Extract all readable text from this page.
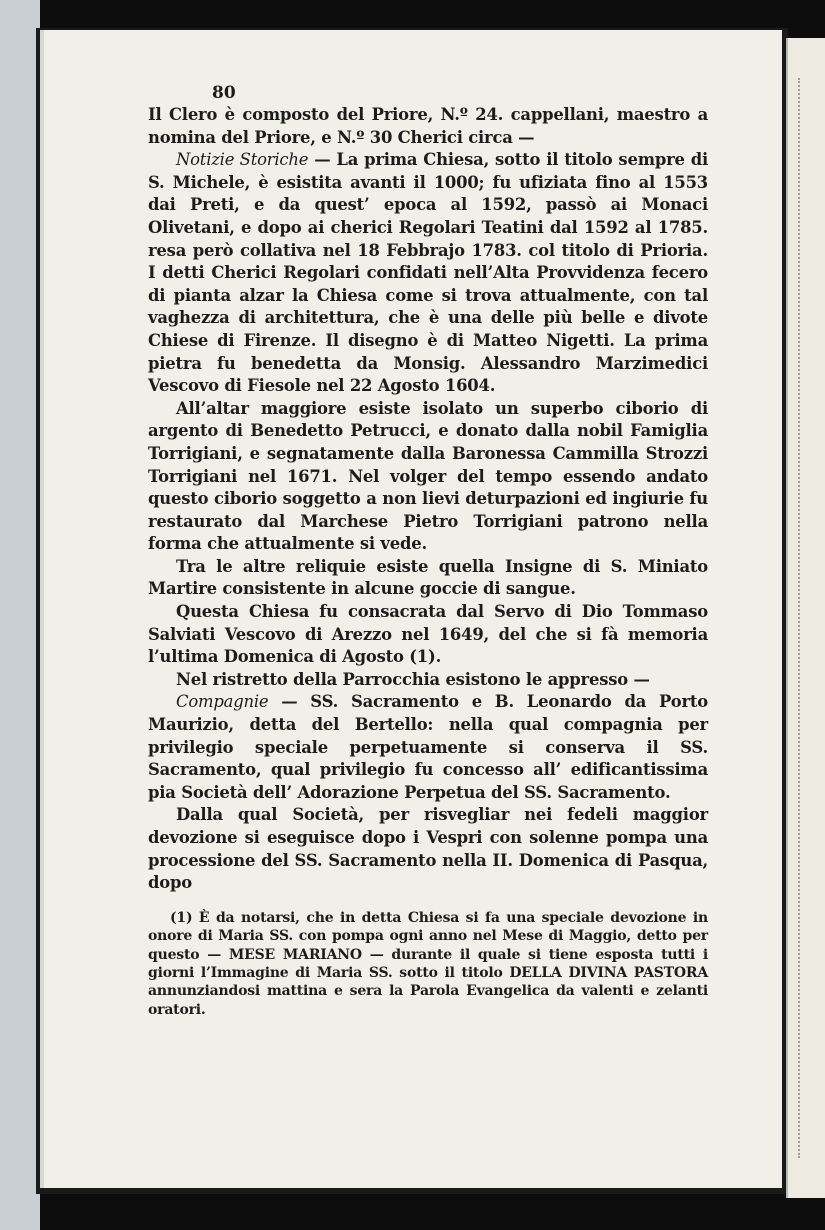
80

Il Clero è composto del Priore, N.º 24. cappellani, maestro a nomina del Priore, e N.º 30 Cherici circa —

Notizie Storiche — La prima Chiesa, sotto il titolo sempre di S. Michele, è esistita avanti il 1000; fu ufiziata fino al 1553 dai Preti, e da quest’ epoca al 1592, passò ai Monaci Olivetani, e dopo ai cherici Regolari Teatini dal 1592 al 1785. resa però collativa nel 18 Febbrajo 1783. col titolo di Prioria. I detti Cherici Regolari confidati nell’Alta Provvidenza fecero di pianta alzar la Chiesa come si trova attualmente, con tal vaghezza di architettura, che è una delle più belle e divote Chiese di Firenze. Il disegno è di Matteo Nigetti. La prima pietra fu benedetta da Monsig. Alessandro Marzimedici Vescovo di Fiesole nel 22 Agosto 1604.

All’altar maggiore esiste isolato un superbo ciborio di argento di Benedetto Petrucci, e donato dalla nobil Famiglia Torrigiani, e segnatamente dalla Baronessa Cammilla Strozzi Torrigiani nel 1671. Nel volger del tempo essendo andato questo ciborio soggetto a non lievi deturpazioni ed ingiurie fu restaurato dal Marchese Pietro Torrigiani patrono nella forma che attualmente si vede.

Tra le altre reliquie esiste quella Insigne di S. Miniato Martire consistente in alcune goccie di sangue.

Questa Chiesa fu consacrata dal Servo di Dio Tommaso Salviati Vescovo di Arezzo nel 1649, del che si fà memoria l’ultima Domenica di Agosto (1).

Nel ristretto della Parrocchia esistono le appresso —

Compagnie — SS. Sacramento e B. Leonardo da Porto Maurizio, detta del Bertello: nella qual compagnia per privilegio speciale perpetuamente si conserva il SS. Sacramento, qual privilegio fu concesso all’ edificantissima pia Società dell’ Adorazione Perpetua del SS. Sacramento.

Dalla qual Società, per risvegliar nei fedeli maggior devozione si eseguisce dopo i Vespri con solenne pompa una processione del SS. Sacramento nella II. Domenica di Pasqua, dopo

(1) È da notarsi, che in detta Chiesa si fa una speciale devozione in onore di Maria SS. con pompa ogni anno nel Mese di Maggio, detto per questo — MESE MARIANO — durante il quale si tiene esposta tutti i giorni l’Immagine di Maria SS. sotto il titolo DELLA DIVINA PASTORA annunziandosi mattina e sera la Parola Evangelica da valenti e zelanti oratori.
